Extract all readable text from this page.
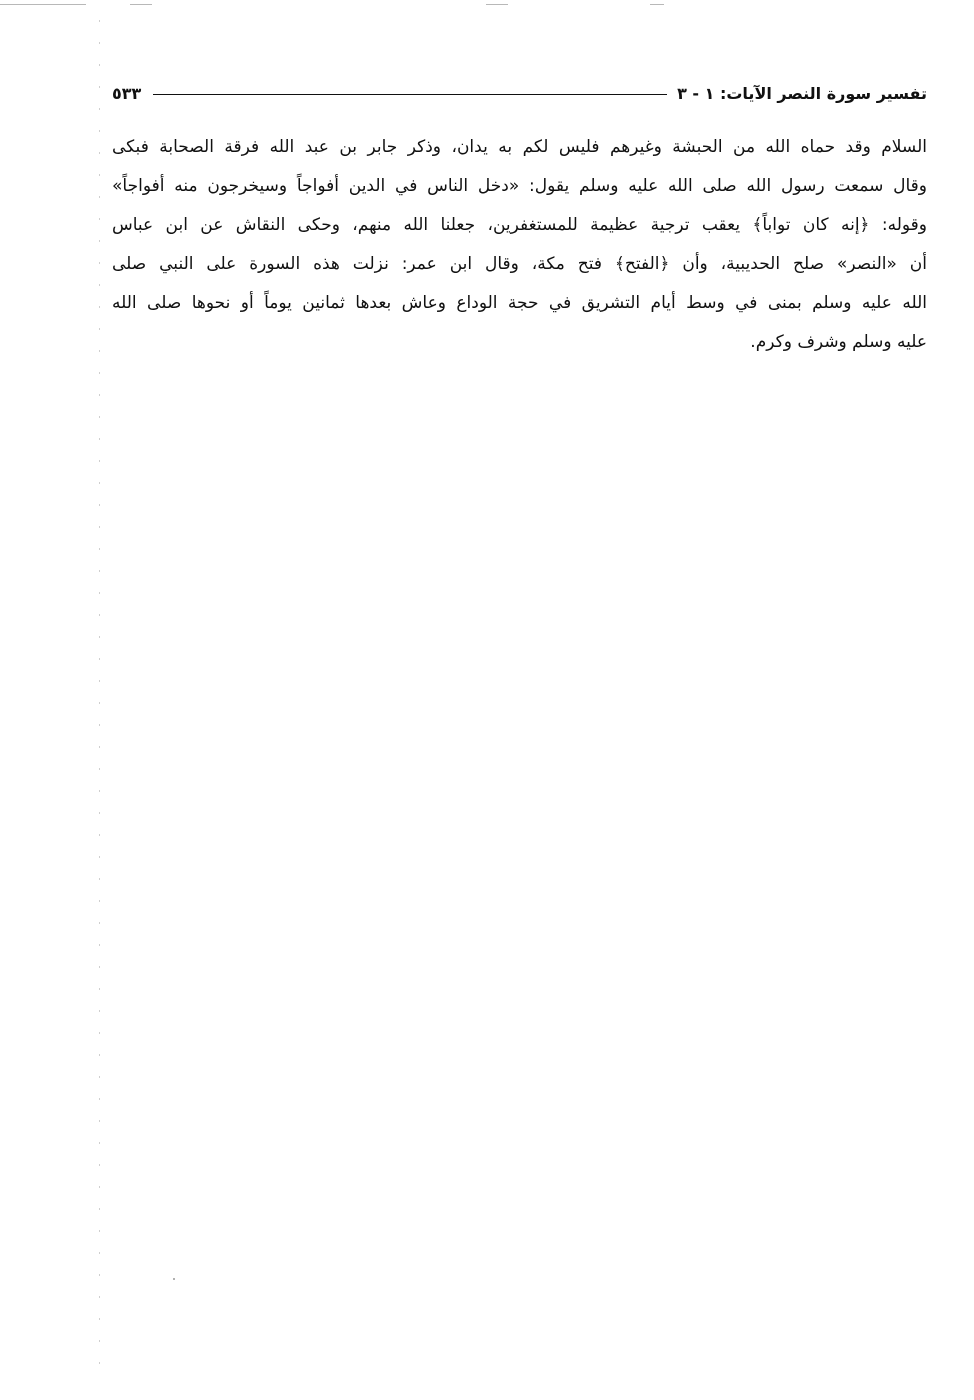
تفسير سورة النصر الآيات: ١ - ٣
٥٣٣
السلام وقد حماه الله من الحبشة وغيرهم فليس لكم به يدان، وذكر جابر بن عبد الله فرقة الصحابة فبكى
وقال سمعت رسول الله صلى الله عليه وسلم يقول: «دخل الناس في الدين أفواجاً وسيخرجون منه أفواجاً»
وقوله: ﴿إنه كان تواباً﴾ يعقب ترجية عظيمة للمستغفرين، جعلنا الله منهم، وحكى النقاش عن ابن عباس
أن «النصر» صلح الحديبية، وأن ﴿الفتح﴾ فتح مكة، وقال ابن عمر: نزلت هذه السورة على النبي صلى
الله عليه وسلم بمنى في وسط أيام التشريق في حجة الوداع وعاش بعدها ثمانين يوماً أو نحوها صلى الله
عليه وسلم وشرف وكرم.
